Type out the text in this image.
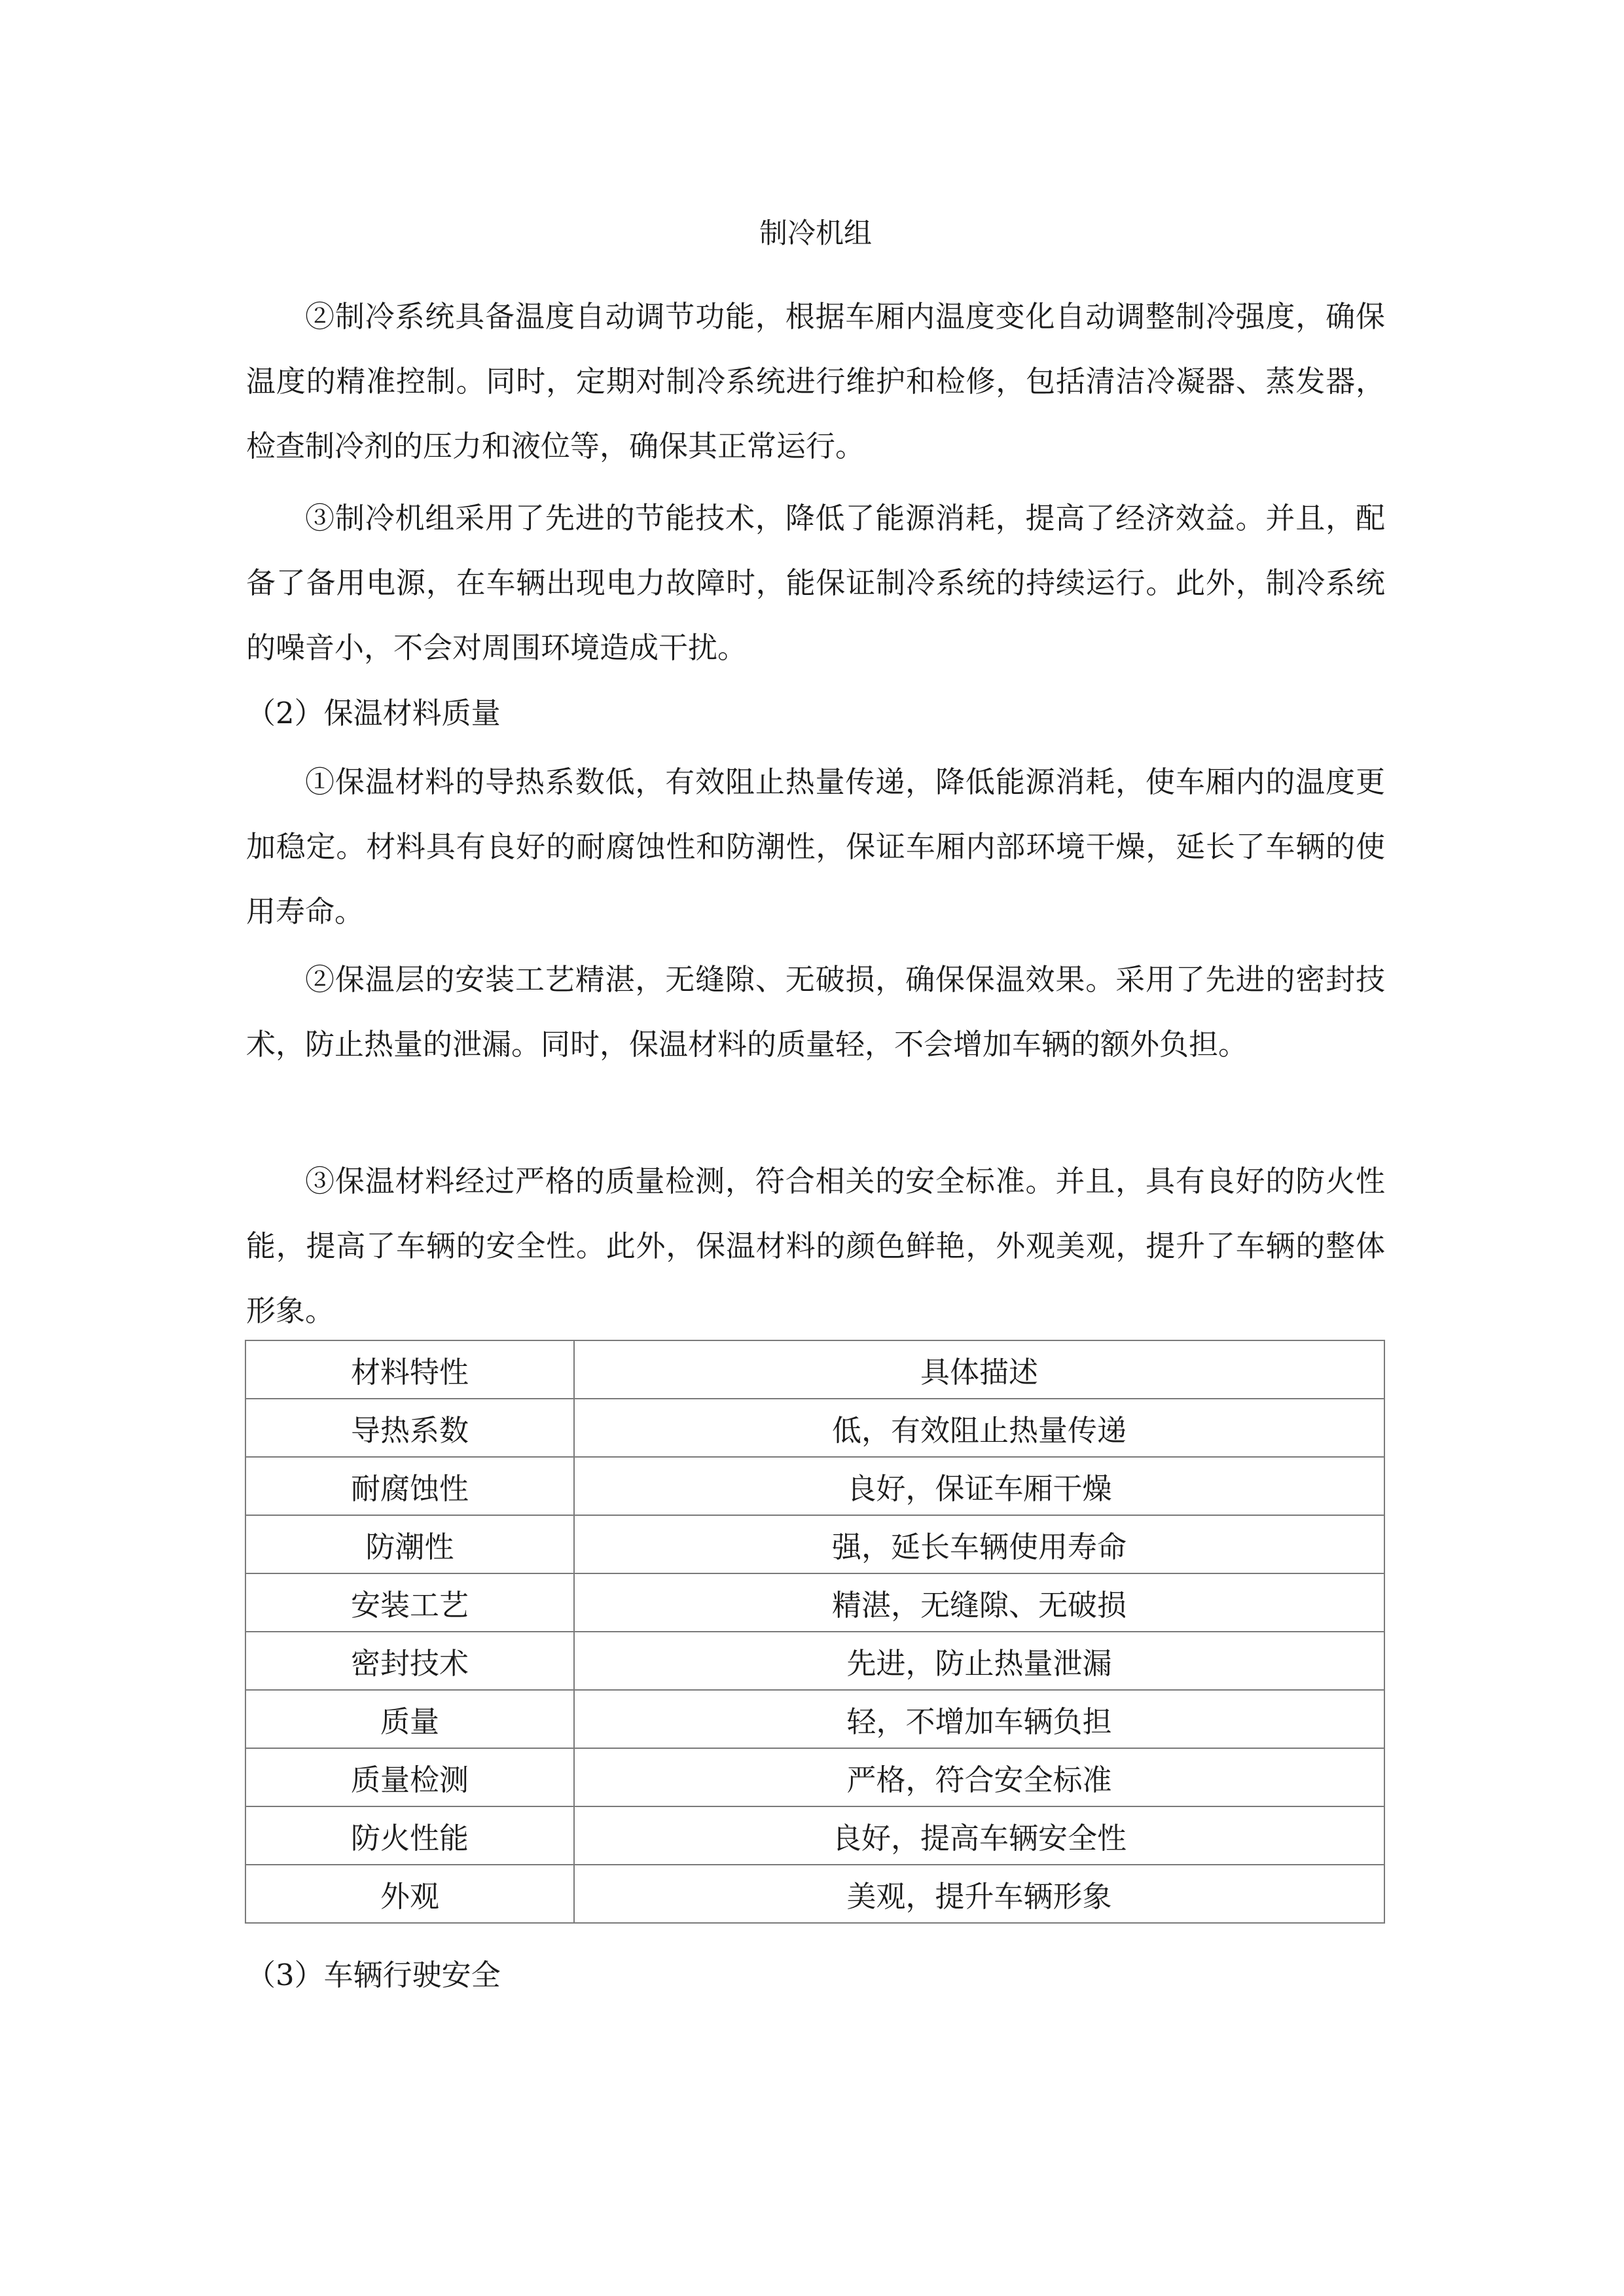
制冷机组

②制冷系统具备温度自动调节功能，根据车厢内温度变化自动调整制冷强度，确保温度的精准控制。同时，定期对制冷系统进行维护和检修，包括清洁冷凝器、蒸发器，检查制冷剂的压力和液位等，确保其正常运行。

③制冷机组采用了先进的节能技术，降低了能源消耗，提高了经济效益。并且，配备了备用电源，在车辆出现电力故障时，能保证制冷系统的持续运行。此外，制冷系统的噪音小，不会对周围环境造成干扰。

（2）保温材料质量

①保温材料的导热系数低，有效阻止热量传递，降低能源消耗，使车厢内的温度更加稳定。材料具有良好的耐腐蚀性和防潮性，保证车厢内部环境干燥，延长了车辆的使用寿命。

②保温层的安装工艺精湛，无缝隙、无破损，确保保温效果。采用了先进的密封技术，防止热量的泄漏。同时，保温材料的质量轻，不会增加车辆的额外负担。

③保温材料经过严格的质量检测，符合相关的安全标准。并且，具有良好的防火性能，提高了车辆的安全性。此外，保温材料的颜色鲜艳，外观美观，提升了车辆的整体形象。

材料特性	具体描述
导热系数	低，有效阻止热量传递
耐腐蚀性	良好，保证车厢干燥
防潮性	强，延长车辆使用寿命
安装工艺	精湛，无缝隙、无破损
密封技术	先进，防止热量泄漏
质量	轻，不增加车辆负担
质量检测	严格，符合安全标准
防火性能	良好，提高车辆安全性
外观	美观，提升车辆形象
（3）车辆行驶安全
